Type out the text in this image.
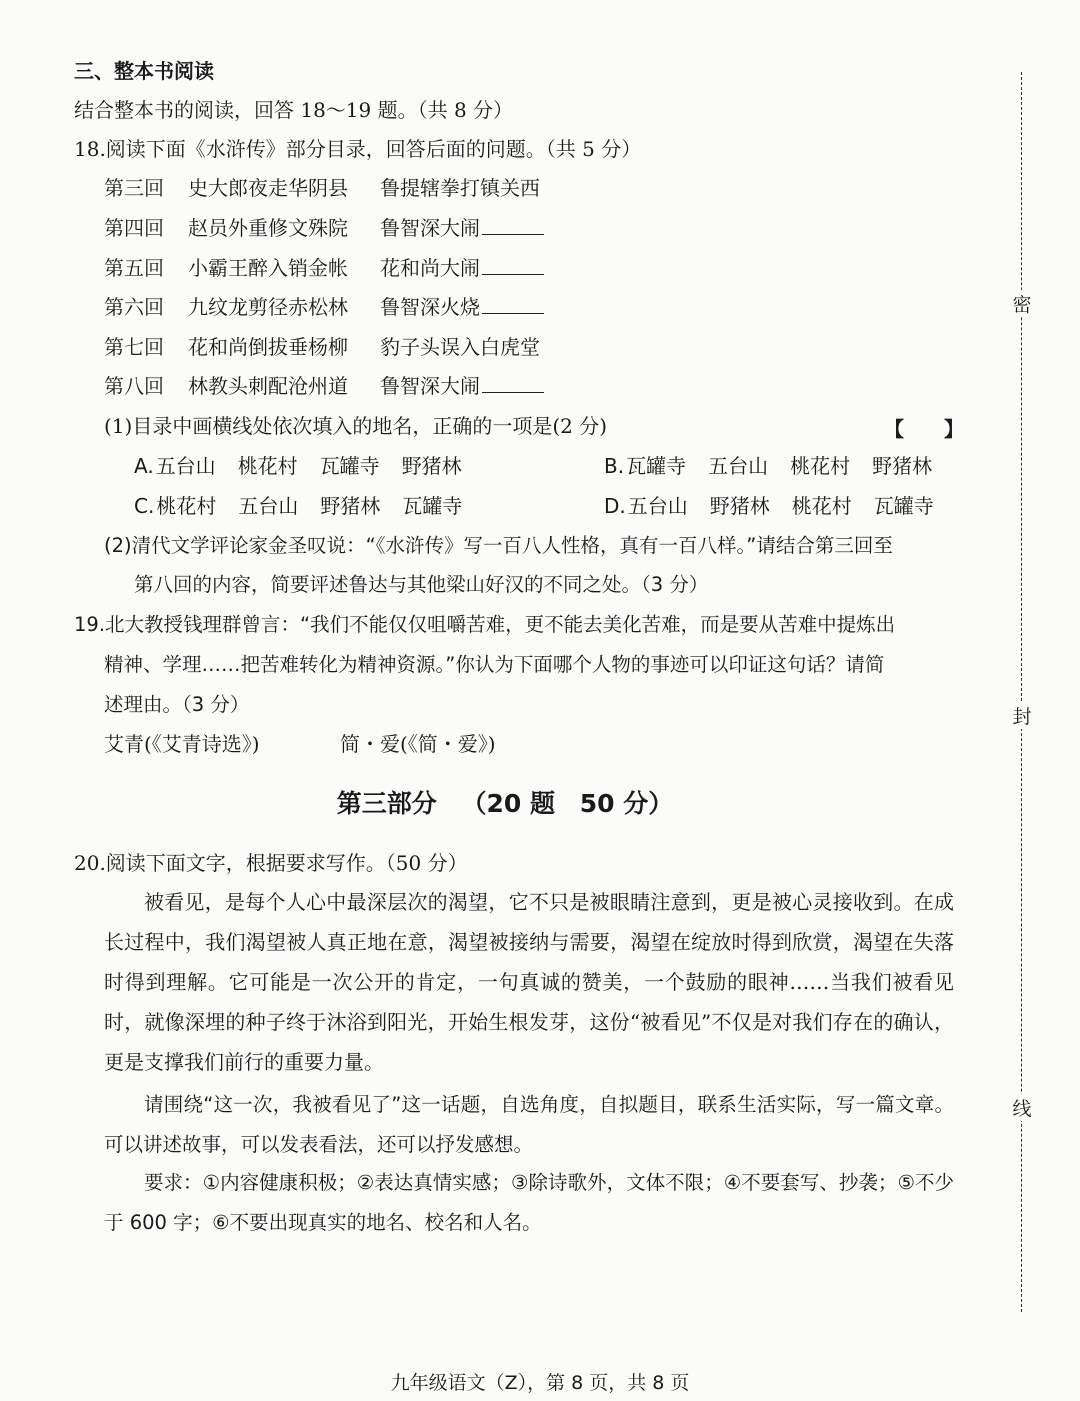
三、整本书阅读
结合整本书的阅读，回答 18～19 题。（共 8 分）
18.阅读下面《水浒传》部分目录，回答后面的问题。（共 5 分）
第三回 史大郎夜走华阴县 鲁提辖拳打镇关西
第四回 赵员外重修文殊院 鲁智深大闹
第五回 小霸王醉入销金帐 花和尚大闹
第六回 九纹龙剪径赤松林 鲁智深火烧
第七回 花和尚倒拔垂杨柳 豹子头误入白虎堂
第八回 林教头刺配沧州道 鲁智深大闹
(1)目录中画横线处依次填入的地名，正确的一项是(2 分)	【　　】
A. 五台山 桃花村 瓦罐寺 野猪林	B. 瓦罐寺 五台山 桃花村 野猪林
C. 桃花村 五台山 野猪林 瓦罐寺	D. 五台山 野猪林 桃花村 瓦罐寺
(2)清代文学评论家金圣叹说：“《水浒传》写一百八人性格，真有一百八样。”请结合第三回至
第八回的内容，简要评述鲁达与其他梁山好汉的不同之处。（3 分）
19.北大教授钱理群曾言：“我们不能仅仅咀嚼苦难，更不能去美化苦难，而是要从苦难中提炼出
精神、学理……把苦难转化为精神资源。”你认为下面哪个人物的事迹可以印证这句话？请简
述理由。（3 分）
艾青(《艾青诗选》)	简・爱(《简・爱》)
第三部分 （20 题 50 分）
20.阅读下面文字，根据要求写作。（50 分）
被看见，是每个人心中最深层次的渴望，它不只是被眼睛注意到，更是被心灵接收到。在成长过程中，我们渴望被人真正地在意，渴望被接纳与需要，渴望在绽放时得到欣赏，渴望在失落时得到理解。它可能是一次公开的肯定，一句真诚的赞美，一个鼓励的眼神……当我们被看见时，就像深埋的种子终于沐浴到阳光，开始生根发芽，这份“被看见”不仅是对我们存在的确认，更是支撑我们前行的重要力量。
请围绕“这一次，我被看见了”这一话题，自选角度，自拟题目，联系生活实际，写一篇文章。可以讲述故事，可以发表看法，还可以抒发感想。
要求：①内容健康积极；②表达真情实感；③除诗歌外，文体不限；④不要套写、抄袭；⑤不少于 600 字；⑥不要出现真实的地名、校名和人名。
密
封
线
九年级语文（Z），第 8 页，共 8 页
